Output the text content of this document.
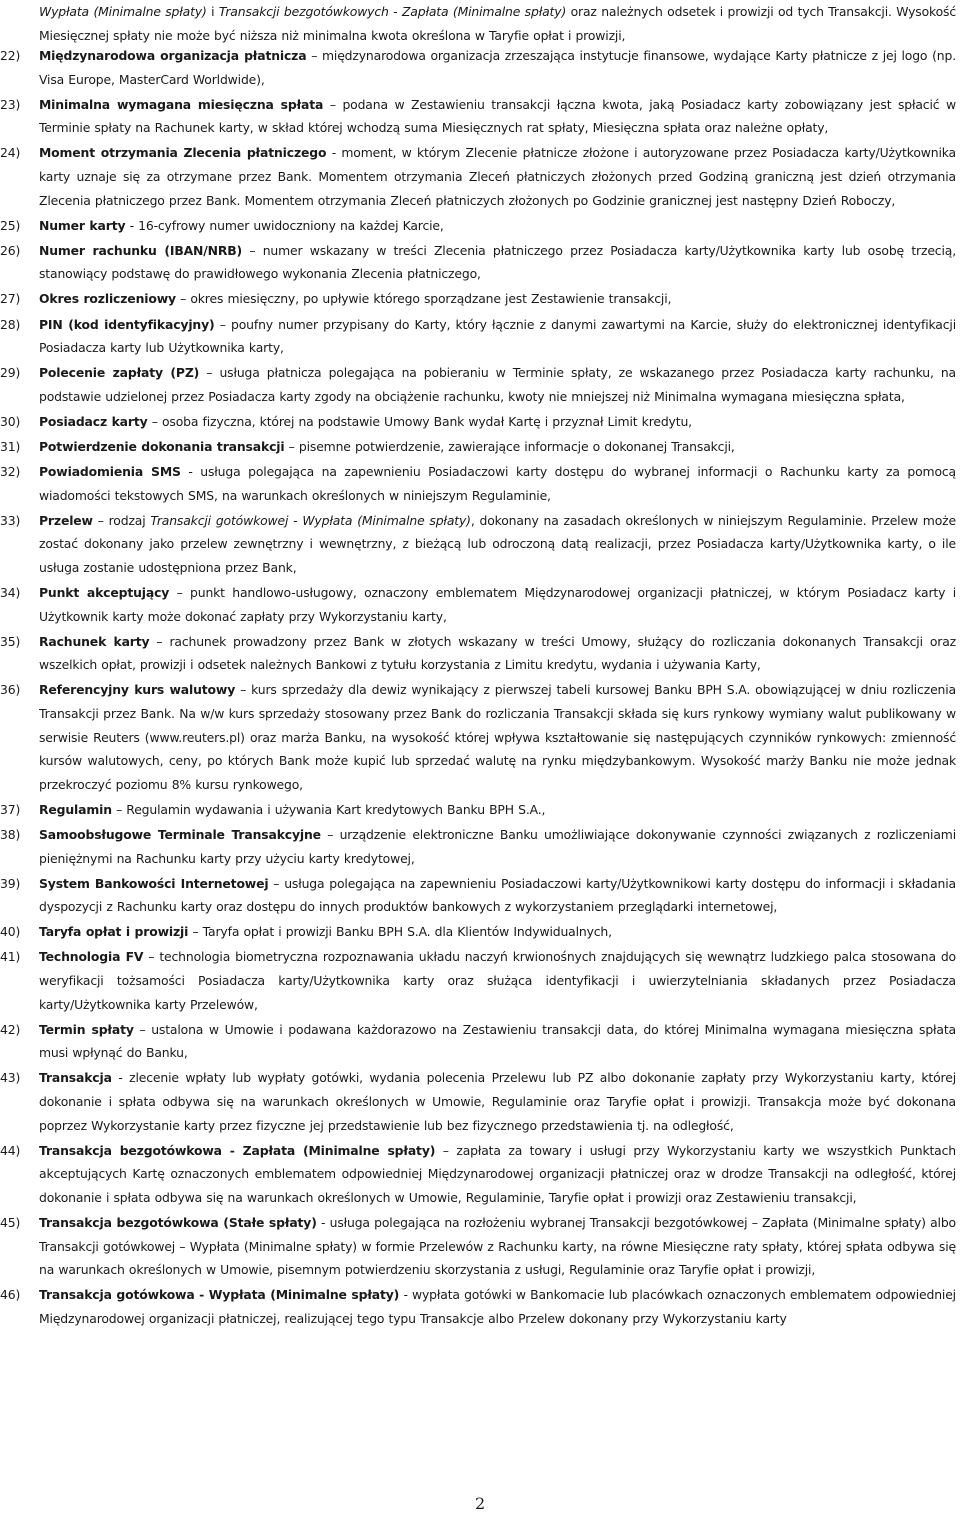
Wypłata (Minimalne spłaty) i Transakcji bezgotówkowych - Zapłata (Minimalne spłaty) oraz należnych odsetek i prowizji od tych Transakcji. Wysokość Miesięcznej spłaty nie może być niższa niż minimalna kwota określona w Taryfie opłat i prowizji,
22) Międzynarodowa organizacja płatnicza – międzynarodowa organizacja zrzeszająca instytucje finansowe, wydające Karty płatnicze z jej logo (np. Visa Europe, MasterCard Worldwide),
23) Minimalna wymagana miesięczna spłata – podana w Zestawieniu transakcji łączna kwota, jaką Posiadacz karty zobowiązany jest spłacić w Terminie spłaty na Rachunek karty, w skład której wchodzą suma Miesięcznych rat spłaty, Miesięczna spłata oraz należne opłaty,
24) Moment otrzymania Zlecenia płatniczego - moment, w którym Zlecenie płatnicze złożone i autoryzowane przez Posiadacza karty/Użytkownika karty uznaje się za otrzymane przez Bank. Momentem otrzymania Zleceń płatniczych złożonych przed Godziną graniczną jest dzień otrzymania Zlecenia płatniczego przez Bank. Momentem otrzymania Zleceń płatniczych złożonych po Godzinie granicznej jest następny Dzień Roboczy,
25) Numer karty - 16-cyfrowy numer uwidoczniony na każdej Karcie,
26) Numer rachunku (IBAN/NRB) – numer wskazany w treści Zlecenia płatniczego przez Posiadacza karty/Użytkownika karty lub osobę trzecią, stanowiący podstawę do prawidłowego wykonania Zlecenia płatniczego,
27) Okres rozliczeniowy – okres miesięczny, po upływie którego sporządzane jest Zestawienie transakcji,
28) PIN (kod identyfikacyjny) – poufny numer przypisany do Karty, który łącznie z danymi zawartymi na Karcie, służy do elektronicznej identyfikacji Posiadacza karty lub Użytkownika karty,
29) Polecenie zapłaty (PZ) – usługa płatnicza polegająca na pobieraniu w Terminie spłaty, ze wskazanego przez Posiadacza karty rachunku, na podstawie udzielonej przez Posiadacza karty zgody na obciążenie rachunku, kwoty nie mniejszej niż Minimalna wymagana miesięczna spłata,
30) Posiadacz karty – osoba fizyczna, której na podstawie Umowy Bank wydał Kartę i przyznał Limit kredytu,
31) Potwierdzenie dokonania transakcji – pisemne potwierdzenie, zawierające informacje o dokonanej Transakcji,
32) Powiadomienia SMS - usługa polegająca na zapewnieniu Posiadaczowi karty dostępu do wybranej informacji o Rachunku karty za pomocą wiadomości tekstowych SMS, na warunkach określonych w niniejszym Regulaminie,
33) Przelew – rodzaj Transakcji gotówkowej - Wypłata (Minimalne spłaty), dokonany na zasadach określonych w niniejszym Regulaminie. Przelew może zostać dokonany jako przelew zewnętrzny i wewnętrzny, z bieżącą lub odroczoną datą realizacji, przez Posiadacza karty/Użytkownika karty, o ile usługa zostanie udostępniona przez Bank,
34) Punkt akceptujący – punkt handlowo-usługowy, oznaczony emblematem Międzynarodowej organizacji płatniczej, w którym Posiadacz karty i Użytkownik karty może dokonać zapłaty przy Wykorzystaniu karty,
35) Rachunek karty – rachunek prowadzony przez Bank w złotych wskazany w treści Umowy, służący do rozliczania dokonanych Transakcji oraz wszelkich opłat, prowizji i odsetek należnych Bankowi z tytułu korzystania z Limitu kredytu, wydania i używania Karty,
36) Referencyjny kurs walutowy – kurs sprzedaży dla dewiz wynikający z pierwszej tabeli kursowej Banku BPH S.A. obowiązującej w dniu rozliczenia Transakcji przez Bank. Na w/w kurs sprzedaży stosowany przez Bank do rozliczania Transakcji składa się kurs rynkowy wymiany walut publikowany w serwisie Reuters (www.reuters.pl) oraz marża Banku, na wysokość której wpływa kształtowanie się następujących czynników rynkowych: zmienność kursów walutowych, ceny, po których Bank może kupić lub sprzedać walutę na rynku międzybankowym. Wysokość marży Banku nie może jednak przekroczyć poziomu 8% kursu rynkowego,
37) Regulamin – Regulamin wydawania i używania Kart kredytowych Banku BPH S.A.,
38) Samoobsługowe Terminale Transakcyjne – urządzenie elektroniczne Banku umożliwiające dokonywanie czynności związanych z rozliczeniami pieniężnymi na Rachunku karty przy użyciu karty kredytowej,
39) System Bankowości Internetowej – usługa polegająca na zapewnieniu Posiadaczowi karty/Użytkownikowi karty dostępu do informacji i składania dyspozycji z Rachunku karty oraz dostępu do innych produktów bankowych z wykorzystaniem przeglądarki internetowej,
40) Taryfa opłat i prowizji – Taryfa opłat i prowizji Banku BPH S.A. dla Klientów Indywidualnych,
41) Technologia FV – technologia biometryczna rozpoznawania układu naczyń krwionośnych znajdujących się wewnątrz ludzkiego palca stosowana do weryfikacji tożsamości Posiadacza karty/Użytkownika karty oraz służąca identyfikacji i uwierzytelniania składanych przez Posiadacza karty/Użytkownika karty Przelewów,
42) Termin spłaty – ustalona w Umowie i podawana każdorazowo na Zestawieniu transakcji data, do której Minimalna wymagana miesięczna spłata musi wpłynąć do Banku,
43) Transakcja - zlecenie wpłaty lub wypłaty gotówki, wydania polecenia Przelewu lub PZ albo dokonanie zapłaty przy Wykorzystaniu karty, której dokonanie i spłata odbywa się na warunkach określonych w Umowie, Regulaminie oraz Taryfie opłat i prowizji. Transakcja może być dokonana poprzez Wykorzystanie karty przez fizyczne jej przedstawienie lub bez fizycznego przedstawienia tj. na odległość,
44) Transakcja bezgotówkowa - Zapłata (Minimalne spłaty) – zapłata za towary i usługi przy Wykorzystaniu karty we wszystkich Punktach akceptujących Kartę oznaczonych emblematem odpowiedniej Międzynarodowej organizacji płatniczej oraz w drodze Transakcji na odległość, której dokonanie i spłata odbywa się na warunkach określonych w Umowie, Regulaminie, Taryfie opłat i prowizji oraz Zestawieniu transakcji,
45) Transakcja bezgotówkowa (Stałe spłaty) - usługa polegająca na rozłożeniu wybranej Transakcji bezgotówkowej – Zapłata (Minimalne spłaty) albo Transakcji gotówkowej – Wypłata (Minimalne spłaty) w formie Przelewów z Rachunku karty, na równe Miesięczne raty spłaty, której spłata odbywa się na warunkach określonych w Umowie, pisemnym potwierdzeniu skorzystania z usługi, Regulaminie oraz Taryfie opłat i prowizji,
46) Transakcja gotówkowa - Wypłata (Minimalne spłaty) - wypłata gotówki w Bankomacie lub placówkach oznaczonych emblematem odpowiedniej Międzynarodowej organizacji płatniczej, realizującej tego typu Transakcje albo Przelew dokonany przy Wykorzystaniu karty
2
